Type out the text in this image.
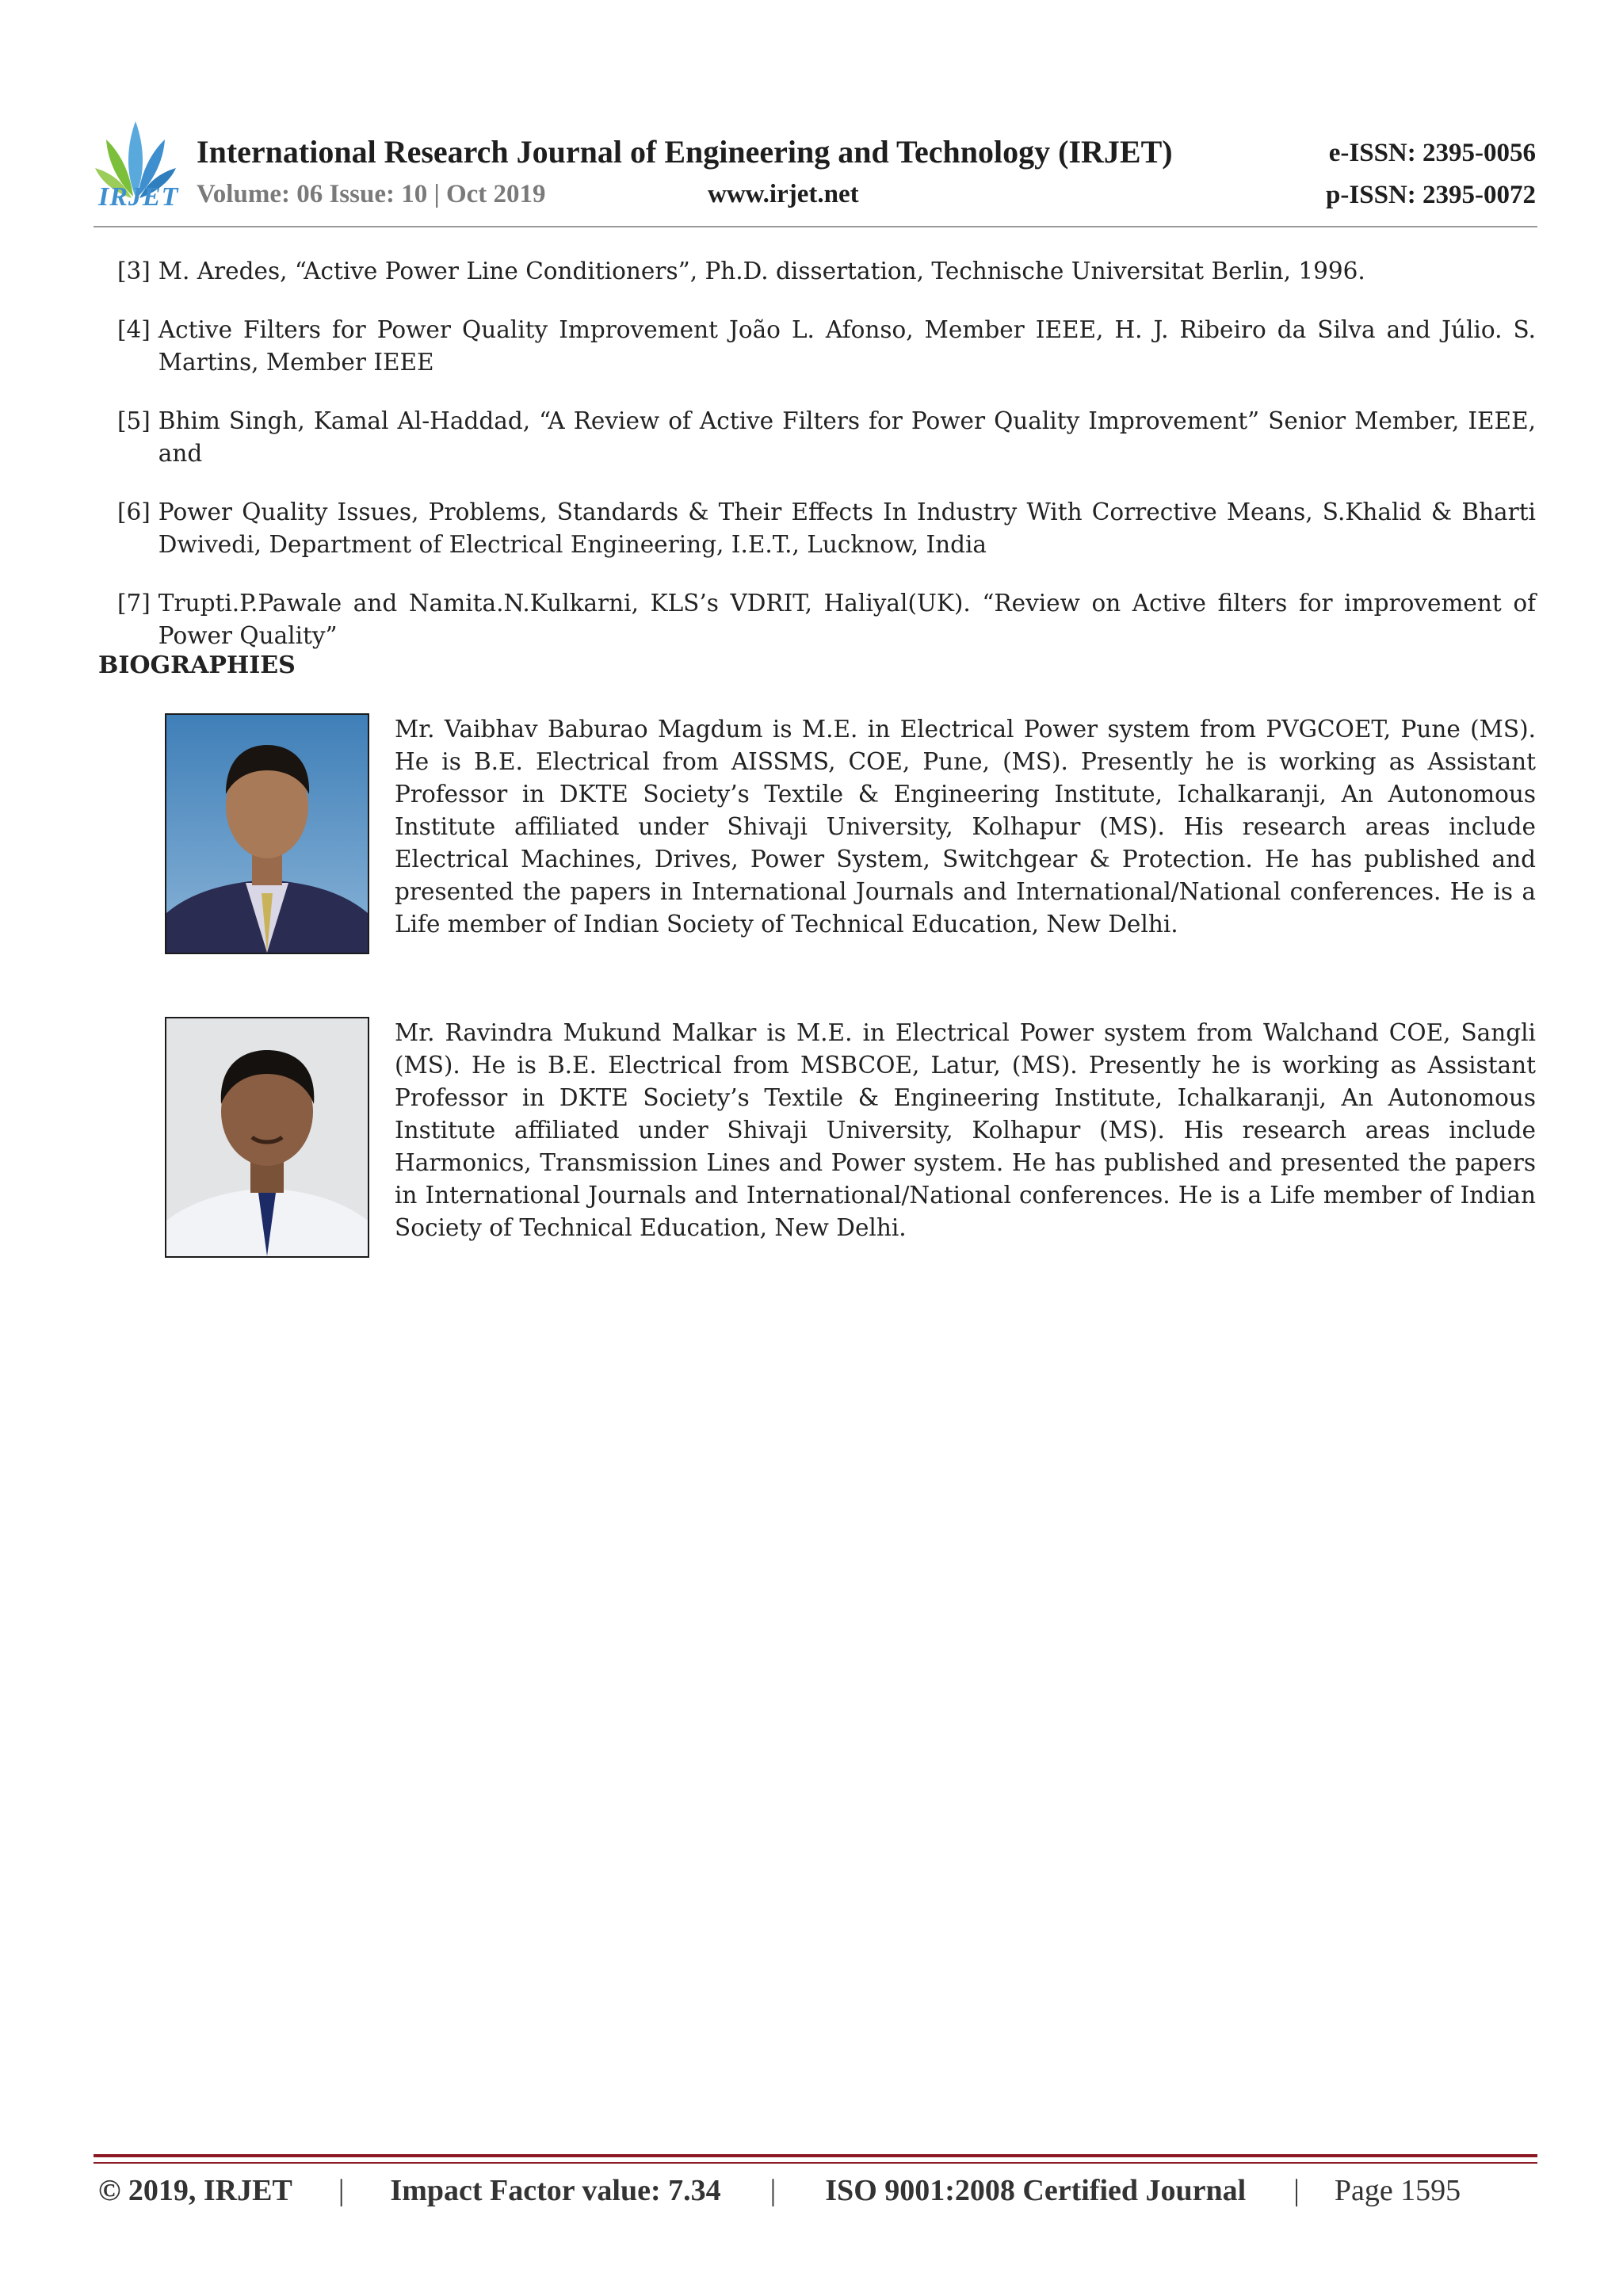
IRJET
International Research Journal of Engineering and Technology (IRJET)	e-ISSN: 2395-0056
Volume: 06 Issue: 10 | Oct 2019	www.irjet.net	p-ISSN: 2395-0072
[3] M. Aredes, “Active Power Line Conditioners”, Ph.D. dissertation, Technische Universitat Berlin, 1996.
[4] Active Filters for Power Quality Improvement João L. Afonso, Member IEEE, H. J. Ribeiro da Silva and Júlio. S. Martins, Member IEEE
[5] Bhim Singh, Kamal Al-Haddad, “A Review of Active Filters for Power Quality Improvement” Senior Member, IEEE, and
[6] Power Quality Issues, Problems, Standards & Their Effects In Industry With Corrective Means, S.Khalid & Bharti Dwivedi, Department of Electrical Engineering, I.E.T., Lucknow, India
[7] Trupti.P.Pawale and Namita.N.Kulkarni, KLS’s VDRIT, Haliyal(UK). “Review on Active filters for improvement of Power Quality”
BIOGRAPHIES
Mr. Vaibhav Baburao Magdum is M.E. in Electrical Power system from PVGCOET, Pune (MS). He is B.E. Electrical from AISSMS, COE, Pune, (MS). Presently he is working as Assistant Professor in DKTE Society’s Textile & Engineering Institute, Ichalkaranji, An Autonomous Institute affiliated under Shivaji University, Kolhapur (MS). His research areas include Electrical Machines, Drives, Power System, Switchgear & Protection. He has published and presented the papers in International Journals and International/National conferences. He is a Life member of Indian Society of Technical Education, New Delhi.
Mr. Ravindra Mukund Malkar is M.E. in Electrical Power system from Walchand COE, Sangli (MS). He is B.E. Electrical from MSBCOE, Latur, (MS). Presently he is working as Assistant Professor in DKTE Society’s Textile & Engineering Institute, Ichalkaranji, An Autonomous Institute affiliated under Shivaji University, Kolhapur (MS). His research areas include Harmonics, Transmission Lines and Power system. He has published and presented the papers in International Journals and International/National conferences. He is a Life member of Indian Society of Technical Education, New Delhi.
© 2019, IRJET | Impact Factor value: 7.34 | ISO 9001:2008 Certified Journal | Page 1595
